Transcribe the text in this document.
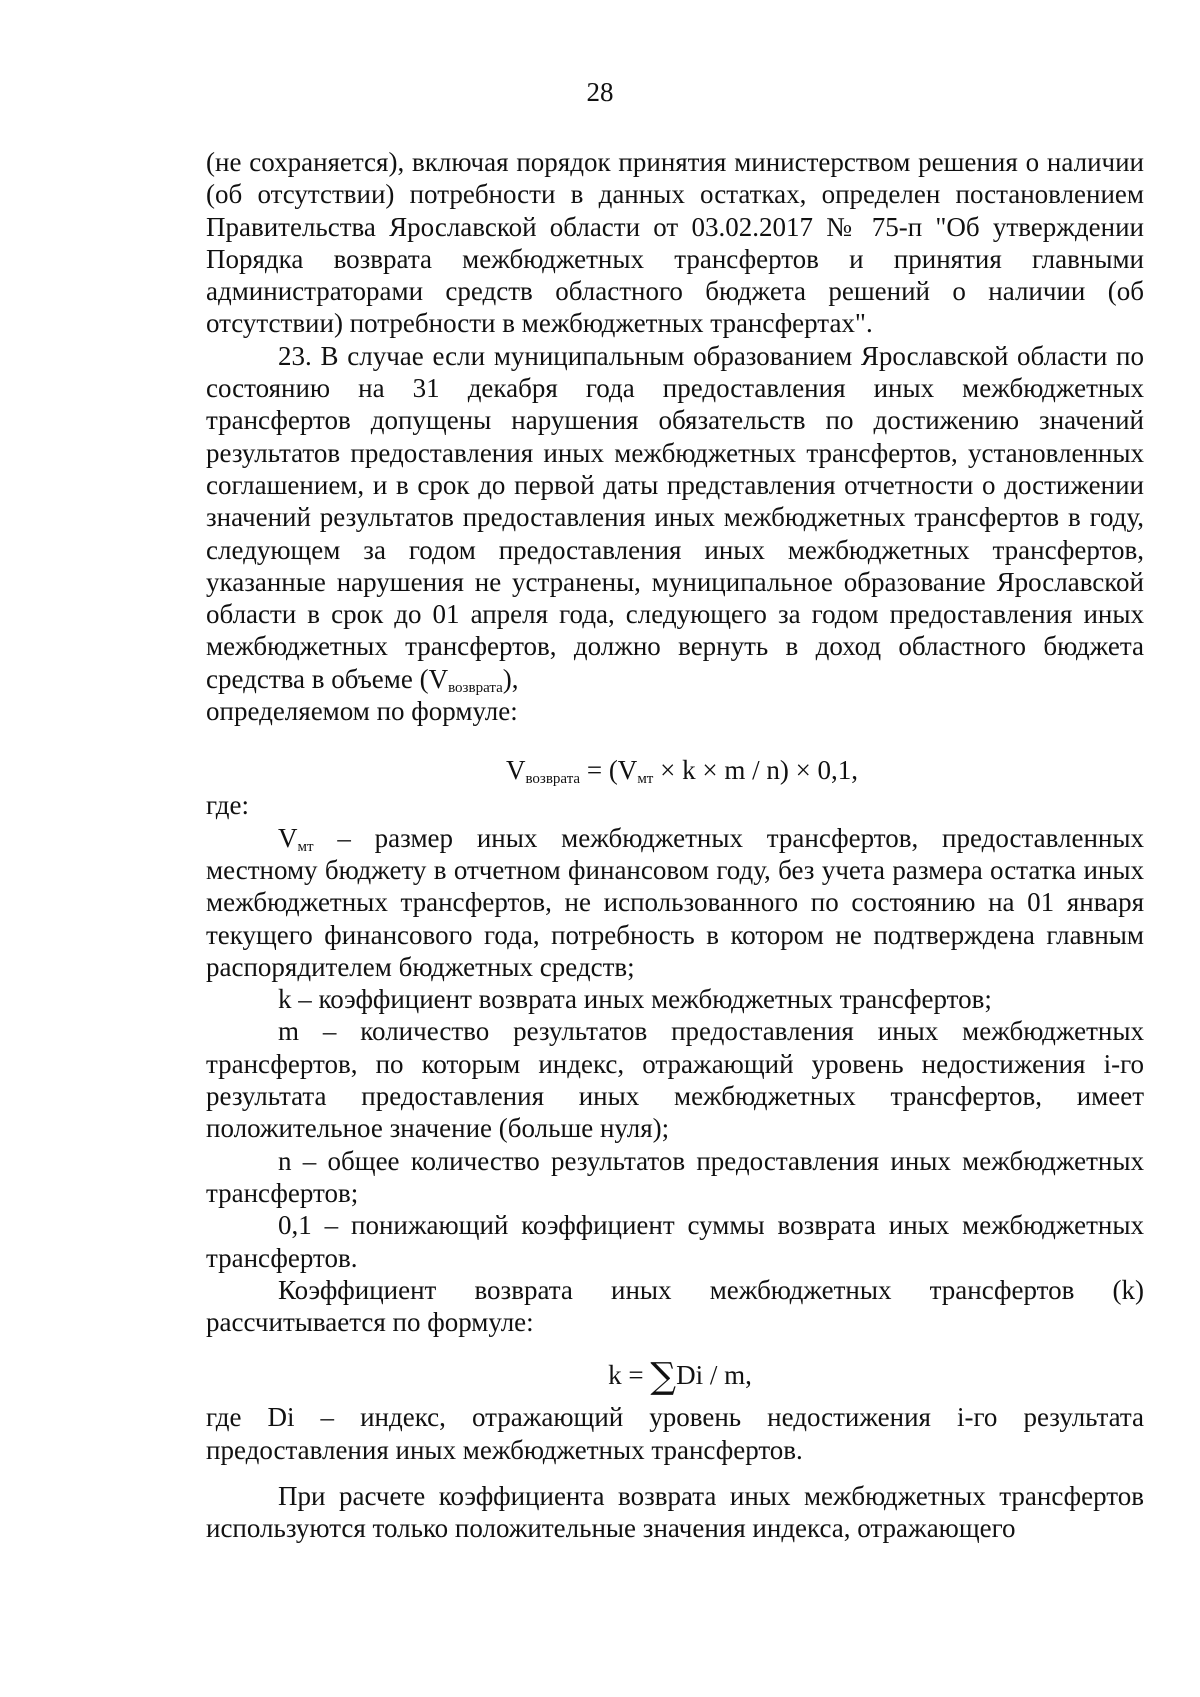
28

(не сохраняется), включая порядок принятия министерством решения о наличии (об отсутствии) потребности в данных остатках, определен постановлением Правительства Ярославской области от 03.02.2017 № 75-п "Об утверждении Порядка возврата межбюджетных трансфертов и принятия главными администраторами средств областного бюджета решений о наличии (об отсутствии) потребности в межбюджетных трансфертах".

23. В случае если муниципальным образованием Ярославской области по состоянию на 31 декабря года предоставления иных межбюджетных трансфертов допущены нарушения обязательств по достижению значений результатов предоставления иных межбюджетных трансфертов, установленных соглашением, и в срок до первой даты представления отчетности о достижении значений результатов предоставления иных межбюджетных трансфертов в году, следующем за годом предоставления иных межбюджетных трансфертов, указанные нарушения не устранены, муниципальное образование Ярославской области в срок до 01 апреля года, следующего за годом предоставления иных межбюджетных трансфертов, должно вернуть в доход областного бюджета средства в объеме $(V_{возврата})$,
определяемом по формуле:

$V_{возврата} = (V_{мт} \times k \times m / n) \times 0,1$,

где:

$V_{мт}$ – размер иных межбюджетных трансфертов, предоставленных местному бюджету в отчетном финансовом году, без учета размера остатка иных межбюджетных трансфертов, не использованного по состоянию на 01 января текущего финансового года, потребность в котором не подтверждена главным распорядителем бюджетных средств;

k – коэффициент возврата иных межбюджетных трансфертов;

m – количество результатов предоставления иных межбюджетных трансфертов, по которым индекс, отражающий уровень недостижения i-го результата предоставления иных межбюджетных трансфертов, имеет положительное значение (больше нуля);

n – общее количество результатов предоставления иных межбюджетных трансфертов;

0,1 – понижающий коэффициент суммы возврата иных межбюджетных трансфертов.

Коэффициент возврата иных межбюджетных трансфертов (k) рассчитывается по формуле:

k = ∑Di / m,

где Di – индекс, отражающий уровень недостижения i-го результата предоставления иных межбюджетных трансфертов.

При расчете коэффициента возврата иных межбюджетных трансфертов используются только положительные значения индекса, отражающего
